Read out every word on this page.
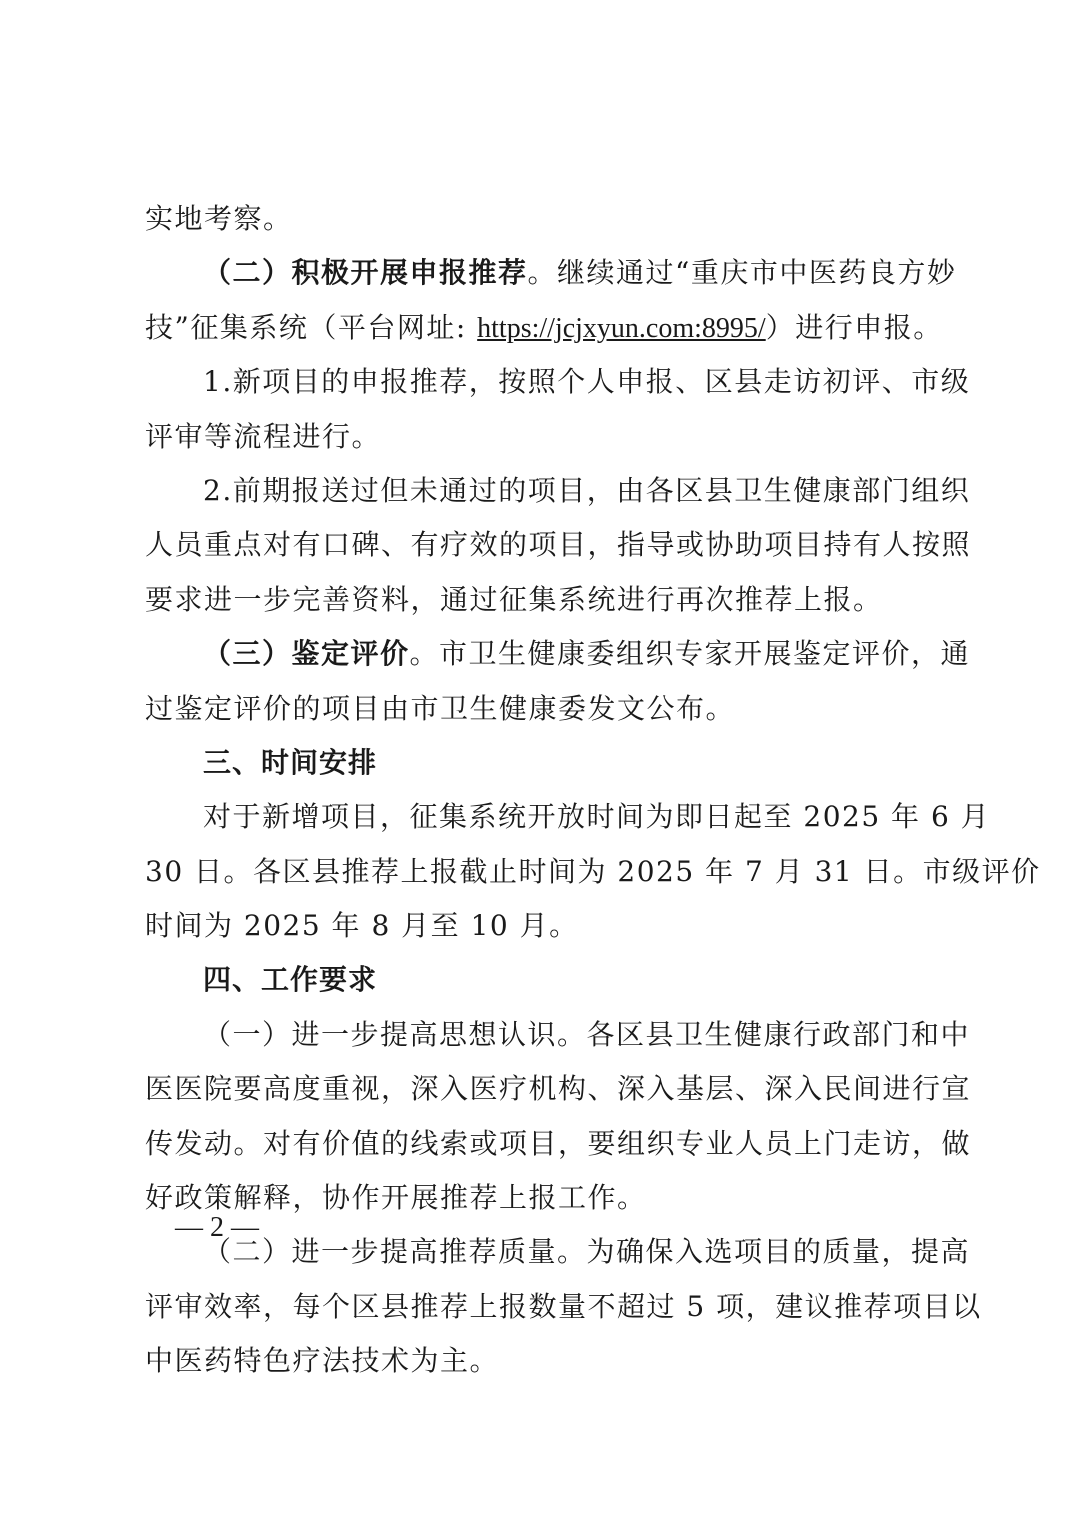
实地考察。
（二）积极开展申报推荐。继续通过“重庆市中医药良方妙
技”征集系统（平台网址: https://jcjxyun.com:8995/）进行申报。
1.新项目的申报推荐，按照个人申报、区县走访初评、市级
评审等流程进行。
2.前期报送过但未通过的项目，由各区县卫生健康部门组织
人员重点对有口碑、有疗效的项目，指导或协助项目持有人按照
要求进一步完善资料，通过征集系统进行再次推荐上报。
（三）鉴定评价。市卫生健康委组织专家开展鉴定评价，通
过鉴定评价的项目由市卫生健康委发文公布。
三、时间安排
对于新增项目，征集系统开放时间为即日起至 2025 年 6 月
30 日。各区县推荐上报截止时间为 2025 年 7 月 31 日。市级评价
时间为 2025 年 8 月至 10 月。
四、工作要求
（一）进一步提高思想认识。各区县卫生健康行政部门和中
医医院要高度重视，深入医疗机构、深入基层、深入民间进行宣
传发动。对有价值的线索或项目，要组织专业人员上门走访，做
好政策解释，协作开展推荐上报工作。
（二）进一步提高推荐质量。为确保入选项目的质量，提高
评审效率，每个区县推荐上报数量不超过 5 项，建议推荐项目以
中医药特色疗法技术为主。
— 2 —
